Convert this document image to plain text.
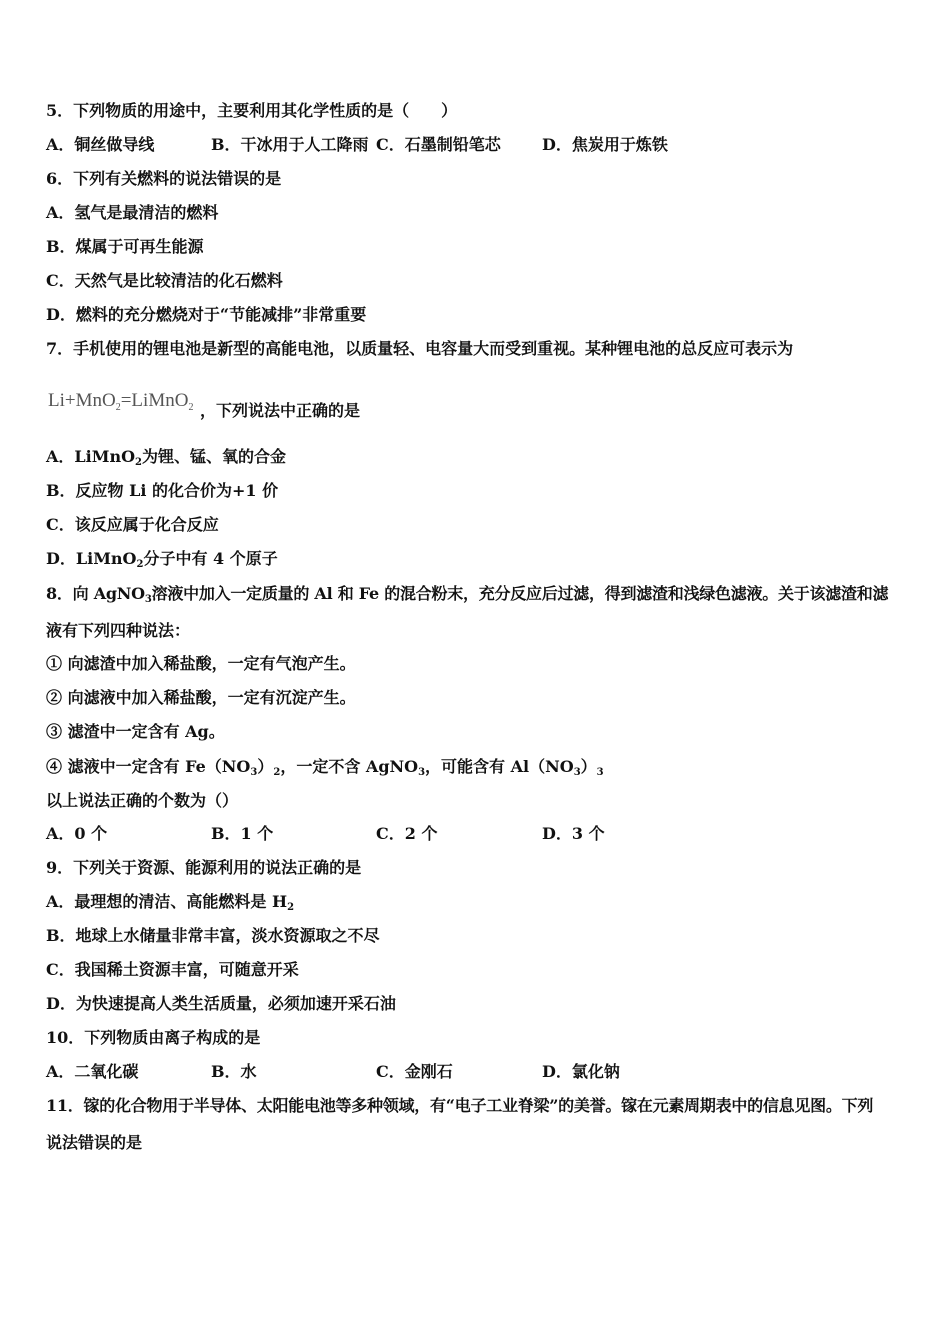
5．下列物质的用途中，主要利用其化学性质的是（　　）
A．铜丝做导线	B．干冰用于人工降雨 C．石墨制铅笔芯	D．焦炭用于炼铁
6．下列有关燃料的说法错误的是
A．氢气是最清洁的燃料
B．煤属于可再生能源
C．天然气是比较清洁的化石燃料
D．燃料的充分燃烧对于“节能减排”非常重要
7．手机使用的锂电池是新型的高能电池，以质量轻、电容量大而受到重视。某种锂电池的总反应可表示为
Li+MnO$_2$=LiMnO$_2$ ，下列说法中正确的是
A．LiMnO$_2$为锂、锰、氧的合金
B．反应物 Li 的化合价为+1 价
C．该反应属于化合反应
D．LiMnO$_2$分子中有 4 个原子
8．向 AgNO$_3$溶液中加入一定质量的 Al 和 Fe 的混合粉末，充分反应后过滤，得到滤渣和浅绿色滤液。关于该滤渣和滤
液有下列四种说法：
① 向滤渣中加入稀盐酸，一定有气泡产生。
② 向滤液中加入稀盐酸，一定有沉淀产生。
③ 滤渣中一定含有 Ag。
④ 滤液中一定含有 $Fe(NO_3)_2$，一定不含 AgNO$_3$，可能含有 $Al(NO_3)_3$
以上说法正确的个数为（）
A．0 个	B．1 个	C．2 个	D．3 个
9．下列关于资源、能源利用的说法正确的是
A．最理想的清洁、高能燃料是 $H_2$
B．地球上水储量非常丰富，淡水资源取之不尽
C．我国稀土资源丰富，可随意开采
D．为快速提高人类生活质量，必须加速开采石油
10．下列物质由离子构成的是
A．二氧化碳	B．水	C．金刚石	D．氯化钠
11．镓的化合物用于半导体、太阳能电池等多种领域，有“电子工业脊梁”的美誉。镓在元素周期表中的信息见图。下列
说法错误的是
